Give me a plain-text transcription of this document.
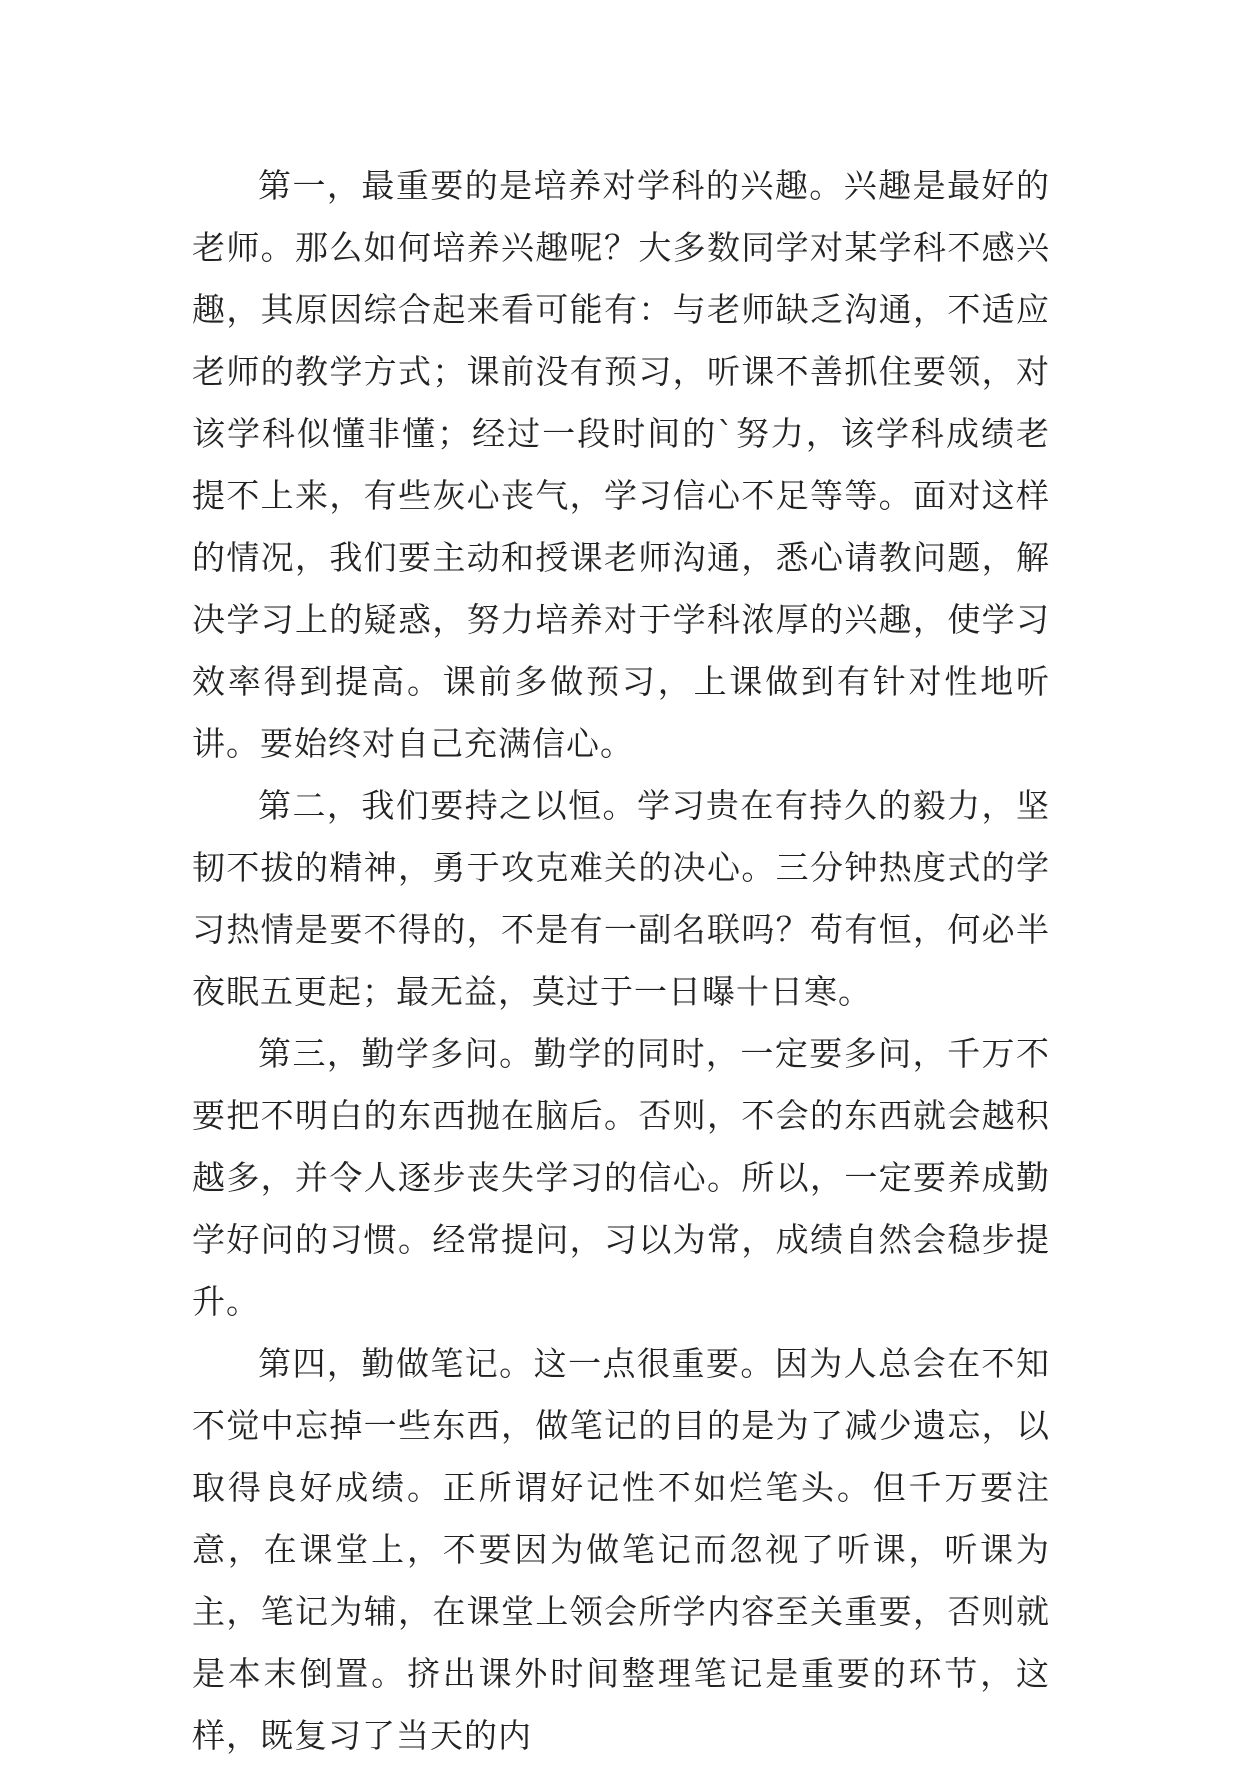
第一，最重要的是培养对学科的兴趣。兴趣是最好的老师。那么如何培养兴趣呢？大多数同学对某学科不感兴趣，其原因综合起来看可能有：与老师缺乏沟通，不适应老师的教学方式；课前没有预习，听课不善抓住要领，对该学科似懂非懂；经过一段时间的`努力，该学科成绩老提不上来，有些灰心丧气，学习信心不足等等。面对这样的情况，我们要主动和授课老师沟通，悉心请教问题，解决学习上的疑惑，努力培养对于学科浓厚的兴趣，使学习效率得到提高。课前多做预习，上课做到有针对性地听讲。要始终对自己充满信心。

第二，我们要持之以恒。学习贵在有持久的毅力，坚韧不拔的精神，勇于攻克难关的决心。三分钟热度式的学习热情是要不得的，不是有一副名联吗？苟有恒，何必半夜眠五更起；最无益，莫过于一日曝十日寒。

第三，勤学多问。勤学的同时，一定要多问，千万不要把不明白的东西抛在脑后。否则，不会的东西就会越积越多，并令人逐步丧失学习的信心。所以，一定要养成勤学好问的习惯。经常提问，习以为常，成绩自然会稳步提升。

第四，勤做笔记。这一点很重要。因为人总会在不知不觉中忘掉一些东西，做笔记的目的是为了减少遗忘，以取得良好成绩。正所谓好记性不如烂笔头。但千万要注意，在课堂上，不要因为做笔记而忽视了听课，听课为主，笔记为辅，在课堂上领会所学内容至关重要，否则就是本末倒置。挤出课外时间整理笔记是重要的环节，这样，既复习了当天的内
